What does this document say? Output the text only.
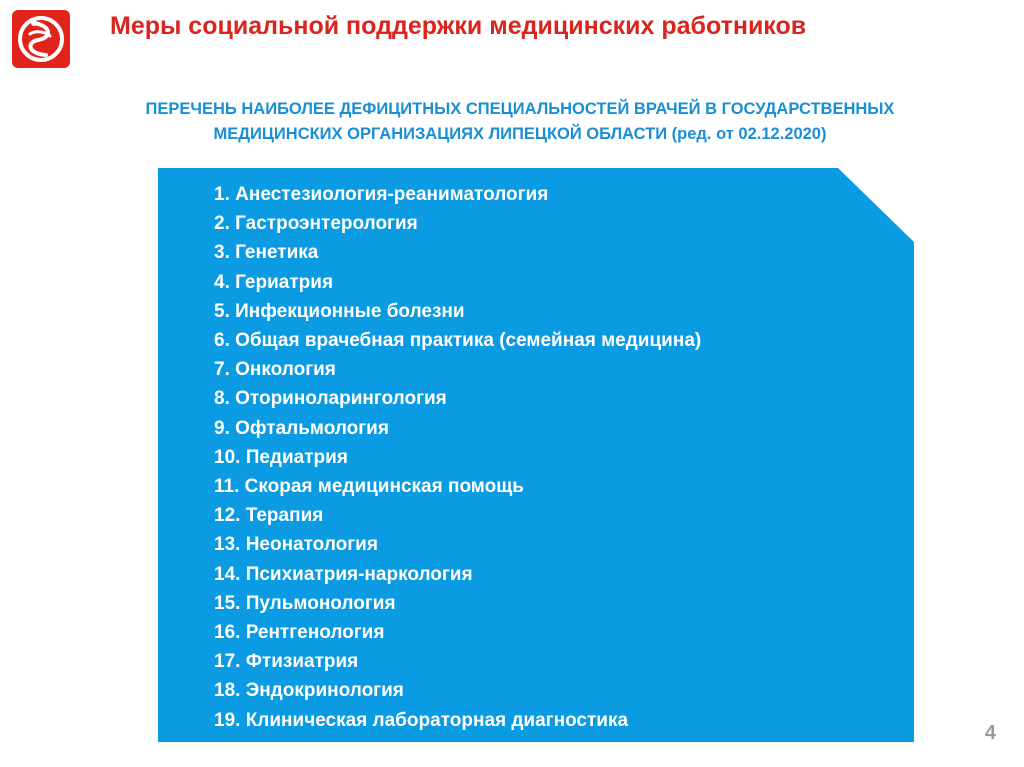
Меры социальной поддержки медицинских работников
ПЕРЕЧЕНЬ НАИБОЛЕЕ ДЕФИЦИТНЫХ СПЕЦИАЛЬНОСТЕЙ ВРАЧЕЙ В ГОСУДАРСТВЕННЫХ
МЕДИЦИНСКИХ ОРГАНИЗАЦИЯХ ЛИПЕЦКОЙ ОБЛАСТИ (ред. от 02.12.2020)
1. Анестезиология-реаниматология
2. Гастроэнтерология
3. Генетика
4. Гериатрия
5. Инфекционные болезни
6. Общая врачебная практика (семейная медицина)
7. Онкология
8. Оториноларингология
9. Офтальмология
10. Педиатрия
11. Скорая медицинская помощь
12. Терапия
13. Неонатология
14. Психиатрия-наркология
15. Пульмонология
16. Рентгенология
17. Фтизиатрия
18. Эндокринология
19. Клиническая лабораторная диагностика
4
